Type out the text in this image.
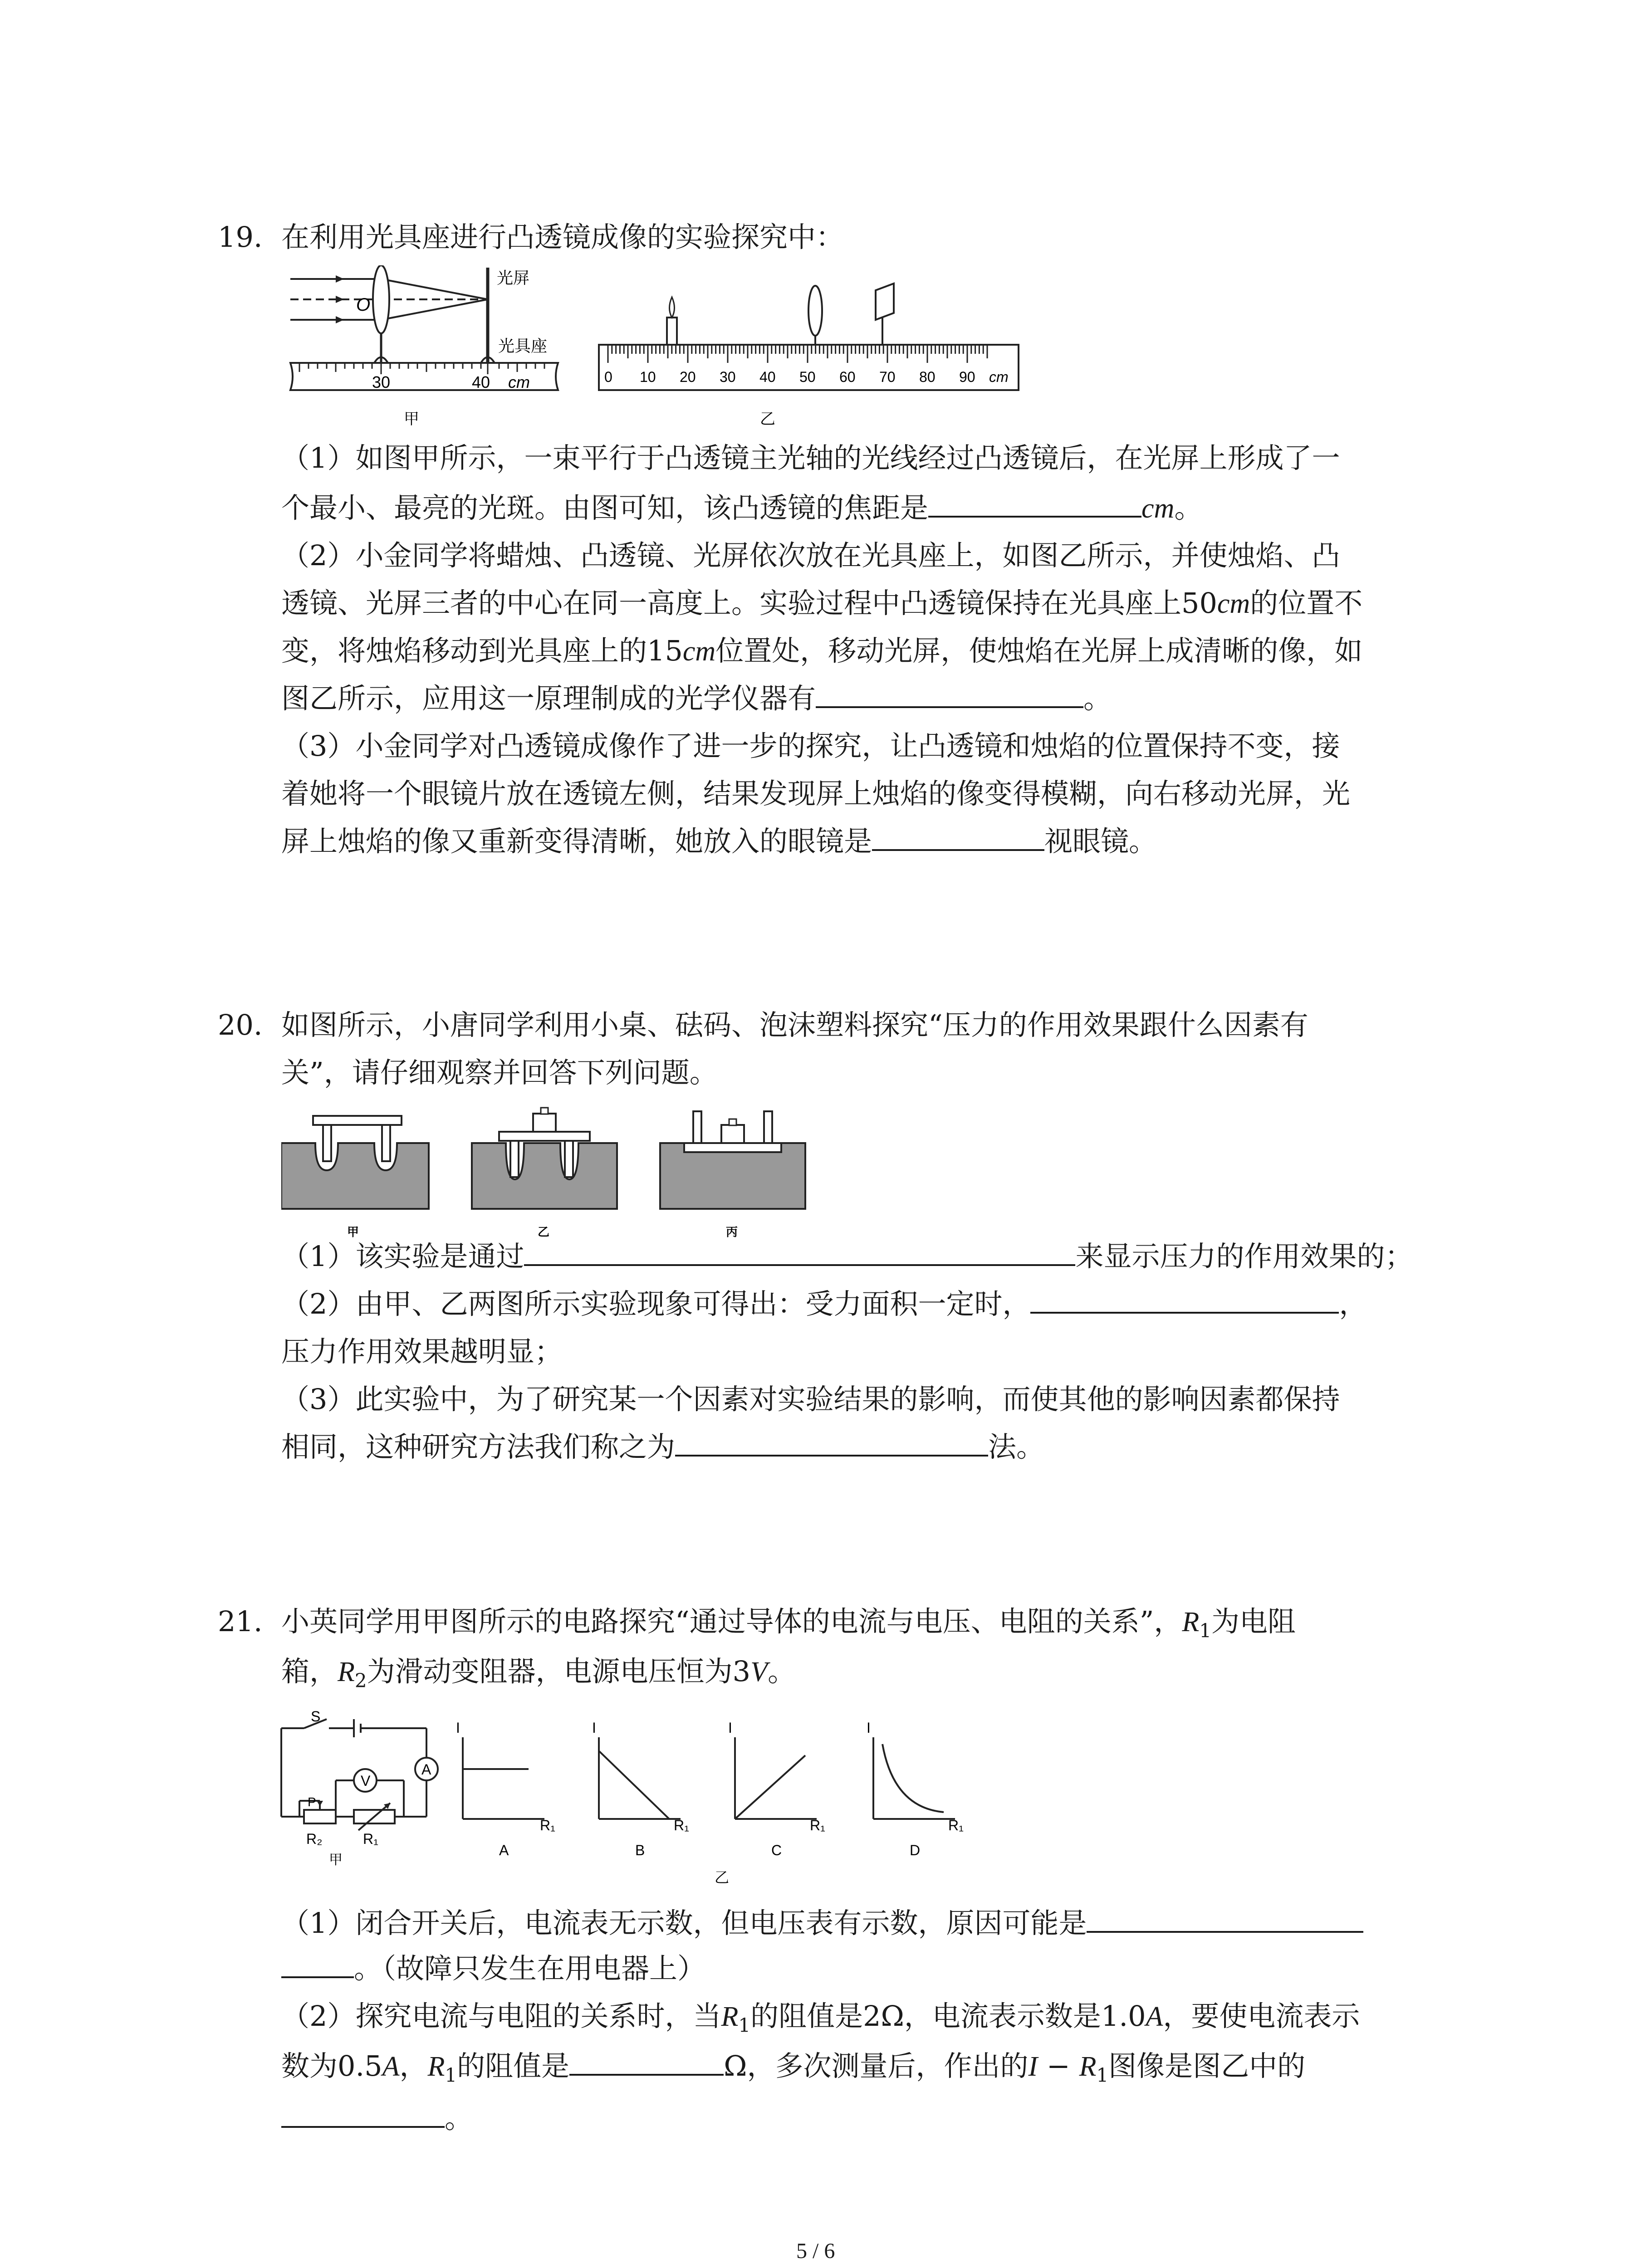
19. 在利用光具座进行凸透镜成像的实验探究中：
O
光屏
光具座
30	40 cm
甲
0 10 20 30 40 50 60 70 80 90 cm
乙
（1）如图甲所示，一束平行于凸透镜主光轴的光线经过凸透镜后，在光屏上形成了一
个最小、最亮的光斑。由图可知，该凸透镜的焦距是	cm。
（2）小金同学将蜡烛、凸透镜、光屏依次放在光具座上，如图乙所示，并使烛焰、凸
透镜、光屏三者的中心在同一高度上。实验过程中凸透镜保持在光具座上50cm的位置不
变，将烛焰移动到光具座上的15cm位置处，移动光屏，使烛焰在光屏上成清晰的像，如
图乙所示，应用这一原理制成的光学仪器有	。
（3）小金同学对凸透镜成像作了进一步的探究，让凸透镜和烛焰的位置保持不变，接
着她将一个眼镜片放在透镜左侧，结果发现屏上烛焰的像变得模糊，向右移动光屏，光
屏上烛焰的像又重新变得清晰，她放入的眼镜是	视眼镜。
20. 如图所示，小唐同学利用小桌、砝码、泡沫塑料探究“压力的作用效果跟什么因素有
关”，请仔细观察并回答下列问题。
甲	乙	丙
（1）该实验是通过	来显示压力的作用效果的；
（2）由甲、乙两图所示实验现象可得出：受力面积一定时，	，
压力作用效果越明显；
（3）此实验中，为了研究某一个因素对实验结果的影响，而使其他的影响因素都保持
相同，这种研究方法我们称之为	法。
21. 小英同学用甲图所示的电路探究“通过导体的电流与电压、电阻的关系”，$R_1$为电阻
箱，$R_2$为滑动变阻器，电源电压恒为3V。
S
V
A
P
R₂	R₁
甲
I
R₁
A
I
R₁
B
I
R₁
C
I
R₁
D
乙
（1）闭合开关后，电流表无示数，但电压表有示数，原因可能是
。（故障只发生在用电器上）
（2）探究电流与电阻的关系时，当$R_1$的阻值是2Ω，电流表示数是1.0A，要使电流表示
数为0.5A，$R_1$的阻值是	Ω，多次测量后，作出的$I - R_1$图像是图乙中的
。
5 / 6
